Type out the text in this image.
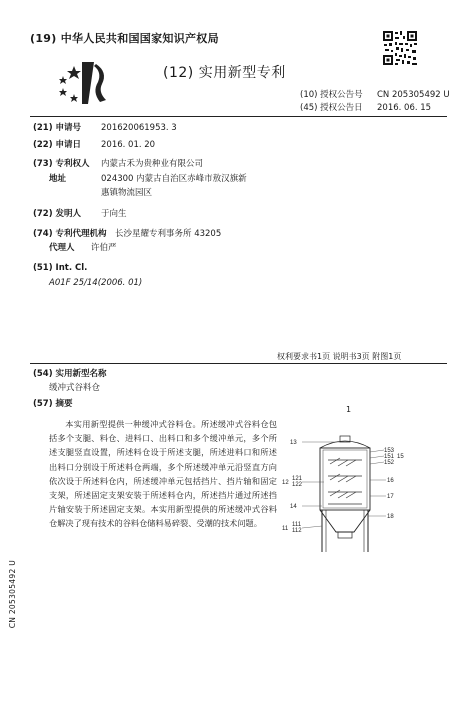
(19) 中华人民共和国国家知识产权局
(12) 实用新型专利
(10) 授权公告号 CN 205305492 U
(45) 授权公告日 2016. 06. 15
(21) 申请号 201620061953. 3
(22) 申请日 2016. 01. 20
(73) 专利权人 内蒙古禾为贵种业有限公司
地址	024300 内蒙古自治区赤峰市敖汉旗新
惠镇物流园区
(72) 发明人 于向生
(74) 专利代理机构 长沙星耀专利事务所 43205
代理人 许伯严
(51) Int. Cl.
A01F 25/14(2006. 01)
权利要求书1页 说明书3页 附图1页
(54) 实用新型名称
缓冲式谷料仓
(57) 摘要
本实用新型提供一种缓冲式谷料仓。所述缓冲式谷料仓包括多个支腿、料仓、进料口、出料口和多个缓冲单元，多个所述支腿竖直设置，所述料仓设于所述支腿，所述进料口和所述出料口分别设于所述料仓两端，多个所述缓冲单元沿竖直方向依次设于所述料仓内，所述缓冲单元包括挡片、挡片轴和固定支架，所述固定支架安装于所述料仓内，所述挡片通过所述挡片轴安装于所述固定支架。本实用新型提供的所述缓冲式谷料仓解决了现有技术的谷料仓储料易碎裂、受潮的技术问题。
1
13
153
151 15
152
12
121
122
16
17
14
18
11
111
112
CN 205305492 U
